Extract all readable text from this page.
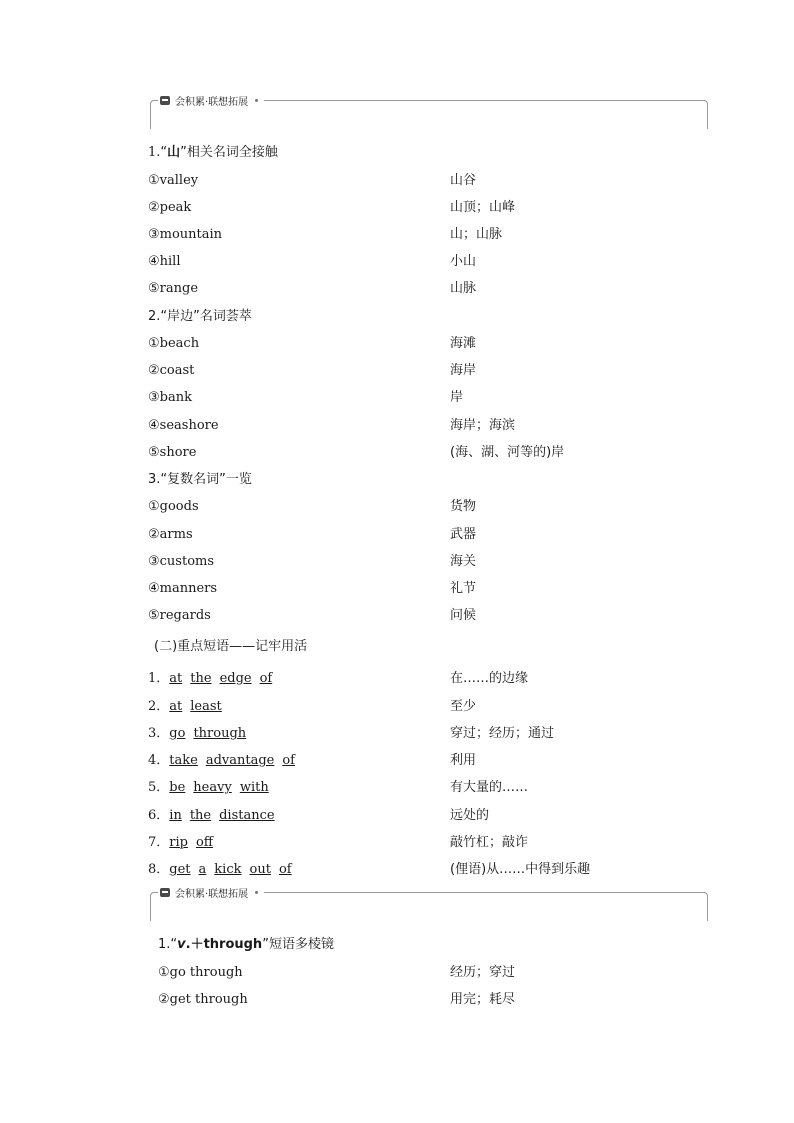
会积累·联想拓展
1.“山”相关名词全接触
①valley	山谷
②peak	山顶；山峰
③mountain	山；山脉
④hill	小山
⑤range	山脉
2.“岸边”名词荟萃
①beach	海滩
②coast	海岸
③bank	岸
④seashore	海岸；海滨
⑤shore	(海、湖、河等的)岸
3.“复数名词”一览
①goods	货物
②arms	武器
③customs	海关
④manners	礼节
⑤regards	问候
(二)重点短语——记牢用活
1．at the edge of	在……的边缘
2．at least	至少
3．go through	穿过；经历；通过
4．take advantage of	利用
5．be heavy with	有大量的……
6．in the distance	远处的
7．rip off	敲竹杠；敲诈
8．get a kick out of	(俚语)从……中得到乐趣
会积累·联想拓展
1.“v.＋through”短语多棱镜
①go through	经历；穿过
②get through	用完；耗尽
